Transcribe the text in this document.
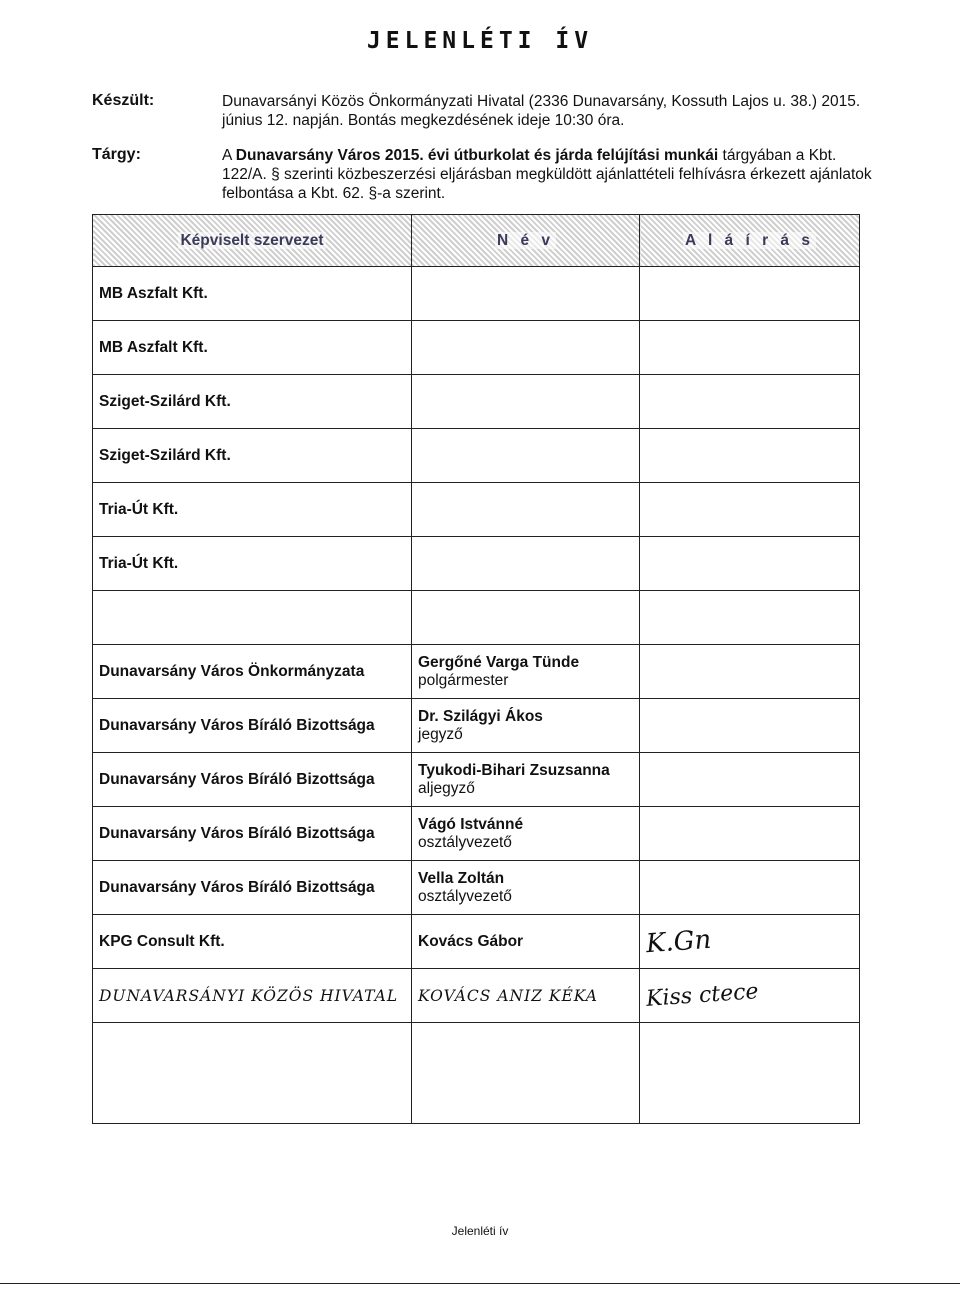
JELENLÉTI ÍV
Készült:	Dunavarsányi Közös Önkormányzati Hivatal (2336 Dunavarsány, Kossuth Lajos u. 38.) 2015. június 12. napján. Bontás megkezdésének ideje 10:30 óra.
Tárgy:	A Dunavarsány Város 2015. évi útburkolat és járda felújítási munkái tárgyában a Kbt. 122/A. § szerinti közbeszerzési eljárásban megküldött ajánlattételi felhívásra érkezett ajánlatok felbontása a Kbt. 62. §-a szerint.
Képviselt szervezet	N é v	A l á í r á s
MB Aszfalt Kft.	

MB Aszfalt Kft.	

Sziget-Szilárd Kft.	

Sziget-Szilárd Kft.	

Tria-Út Kft.	

Tria-Út Kft.	

Dunavarsány Város Önkormányzata	Gergőné Varga Tünde
polgármester	

Dunavarsány Város Bíráló Bizottsága	Dr. Szilágyi Ákos
jegyző	

Dunavarsány Város Bíráló Bizottsága	Tyukodi-Bihari Zsuzsanna
aljegyző	

Dunavarsány Város Bíráló Bizottsága	Vágó Istvánné
osztályvezető	

Dunavarsány Város Bíráló Bizottsága	Vella Zoltán
osztályvezető	

KPG Consult Kft.	Kovács Gábor	K.Gn
DUNAVARSÁNYI KÖZÖS HIVATAL	KOVÁCS ANIZ KÉKA	Kiss ctece

Jelenléti ív
